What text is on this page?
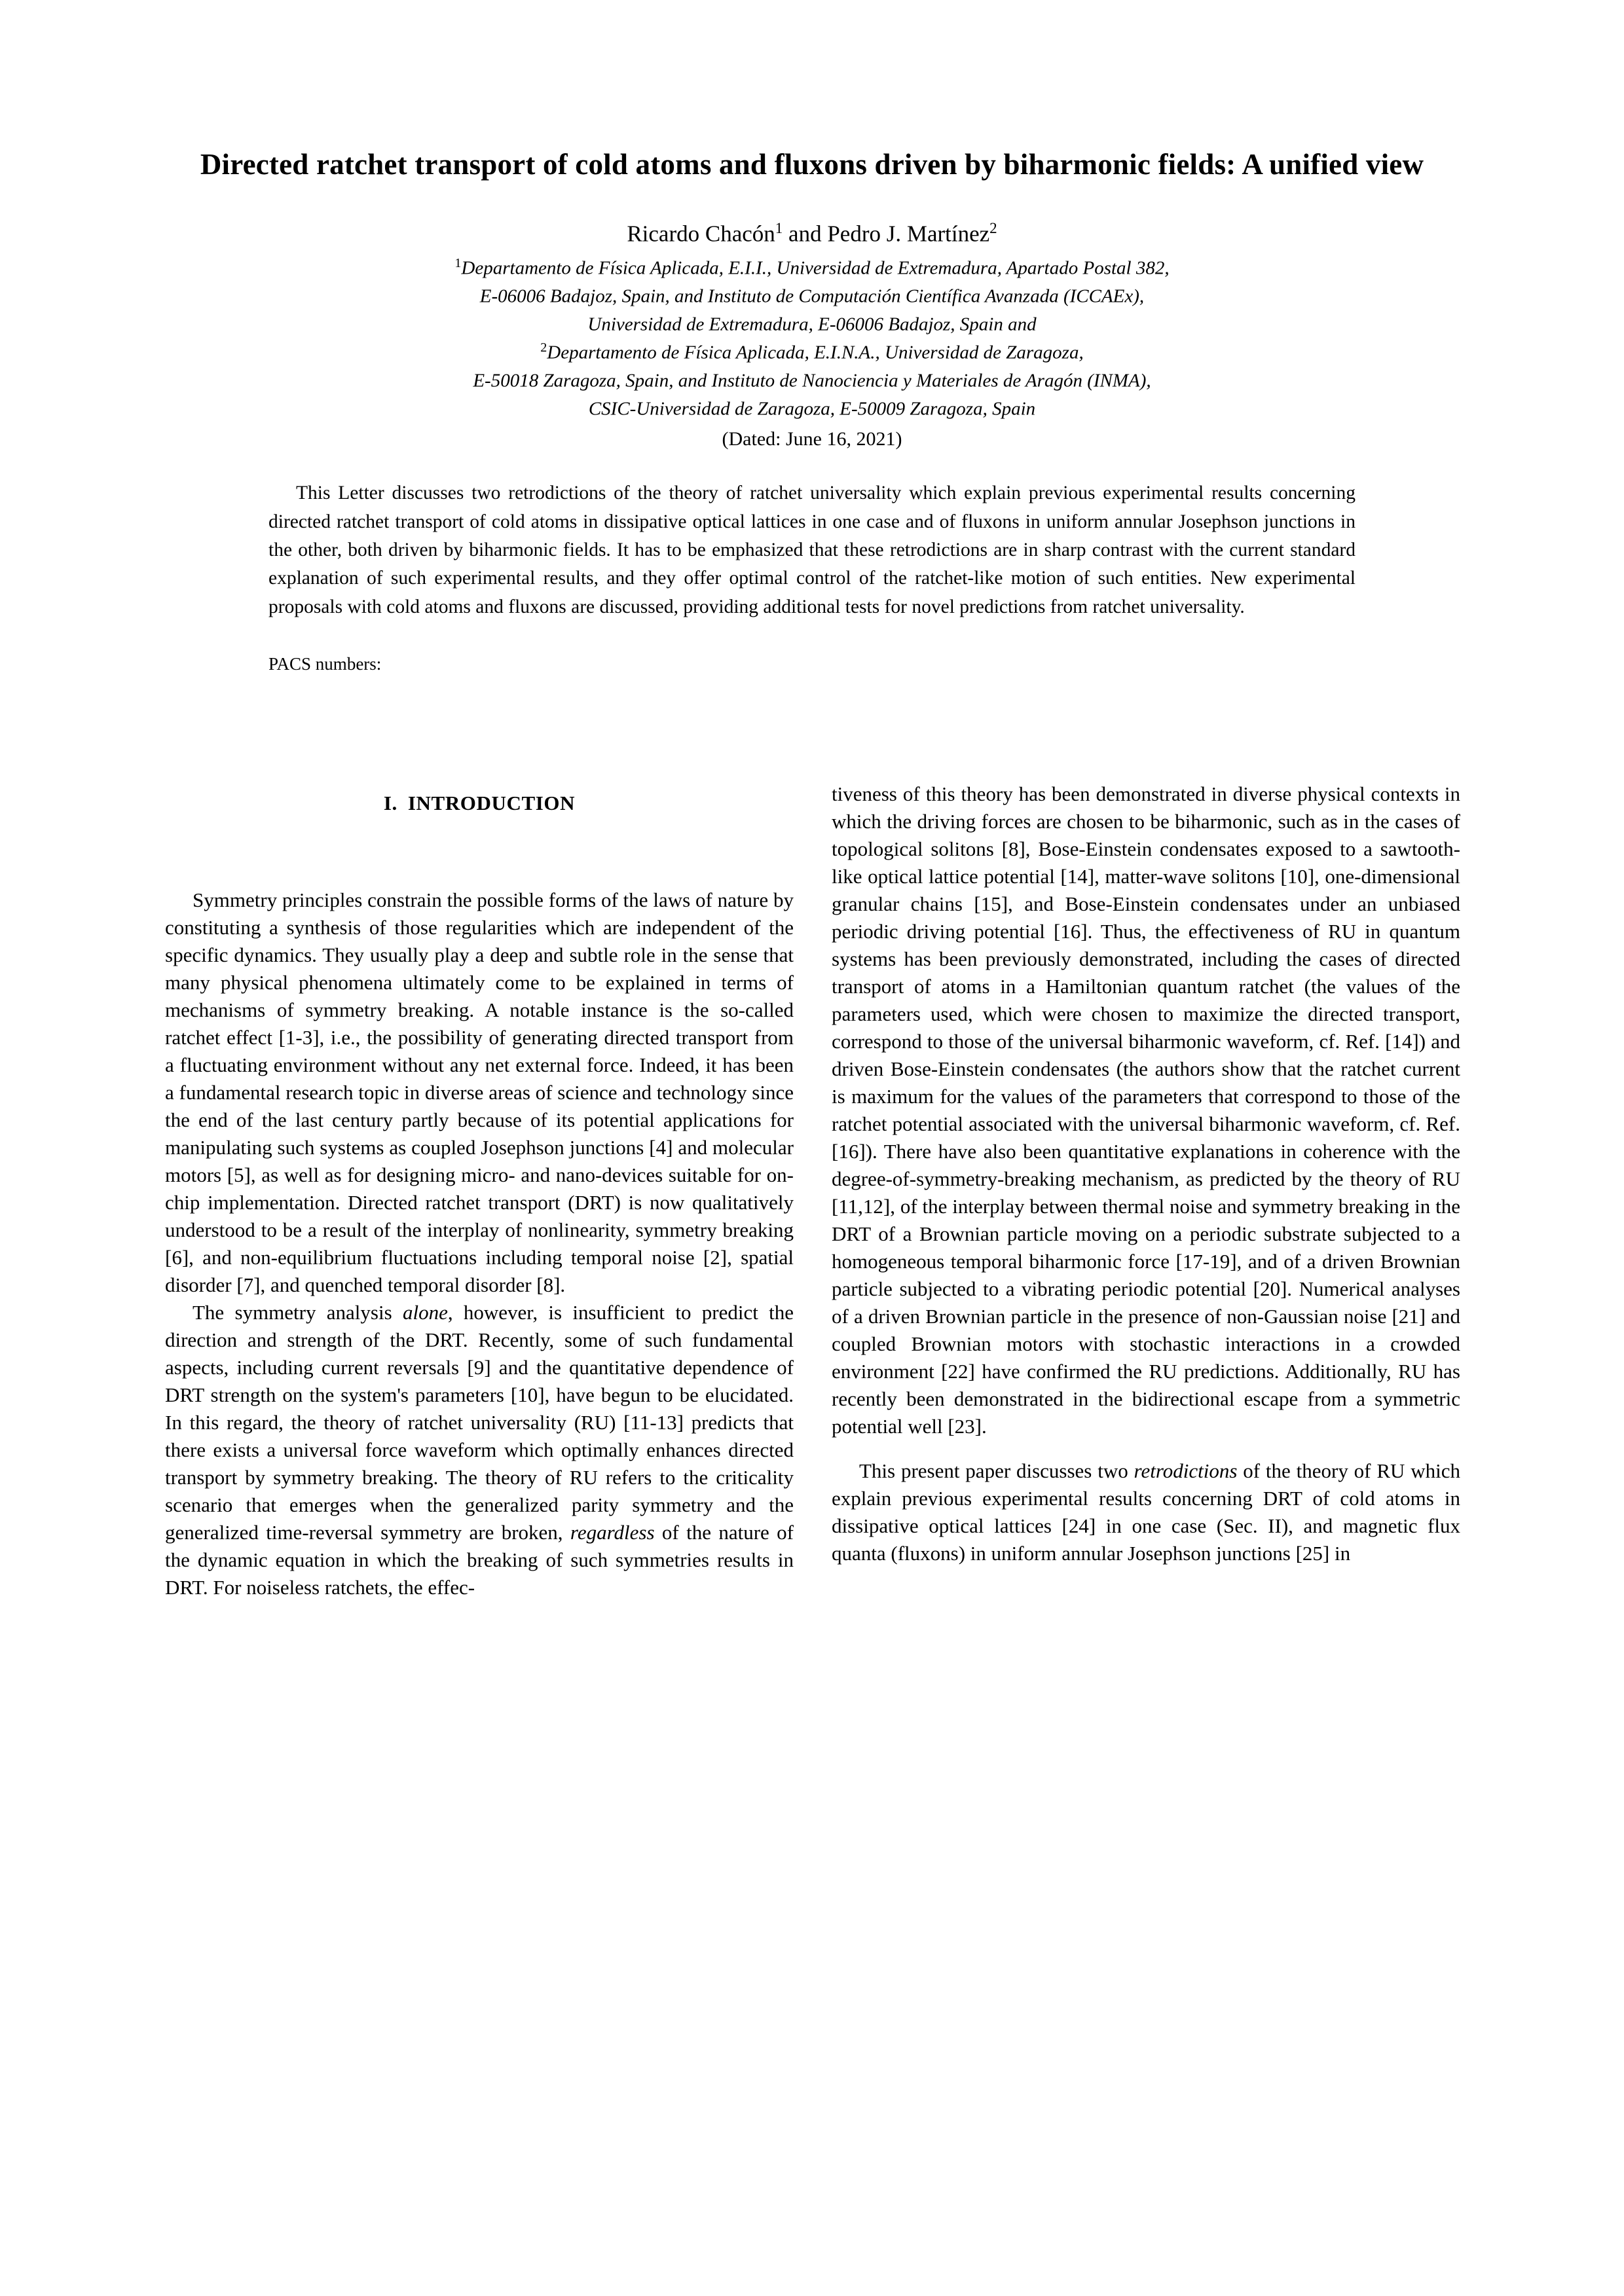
Directed ratchet transport of cold atoms and fluxons driven by biharmonic fields: A unified view
Ricardo Chacón$^1$ and Pedro J. Martínez$^2$
$^1$Departamento de Física Aplicada, E.I.I., Universidad de Extremadura, Apartado Postal 382,
E-06006 Badajoz, Spain, and Instituto de Computación Científica Avanzada (ICCAEx),
Universidad de Extremadura, E-06006 Badajoz, Spain and
$^2$Departamento de Física Aplicada, E.I.N.A., Universidad de Zaragoza,
E-50018 Zaragoza, Spain, and Instituto de Nanociencia y Materiales de Aragón (INMA),
CSIC-Universidad de Zaragoza, E-50009 Zaragoza, Spain
(Dated: June 16, 2021)
This Letter discusses two retrodictions of the theory of ratchet universality which explain previous experimental results concerning directed ratchet transport of cold atoms in dissipative optical lattices in one case and of fluxons in uniform annular Josephson junctions in the other, both driven by biharmonic fields. It has to be emphasized that these retrodictions are in sharp contrast with the current standard explanation of such experimental results, and they offer optimal control of the ratchet-like motion of such entities. New experimental proposals with cold atoms and fluxons are discussed, providing additional tests for novel predictions from ratchet universality.
PACS numbers:
I. INTRODUCTION

Symmetry principles constrain the possible forms of the laws of nature by constituting a synthesis of those regularities which are independent of the specific dynamics. They usually play a deep and subtle role in the sense that many physical phenomena ultimately come to be explained in terms of mechanisms of symmetry breaking. A notable instance is the so-called ratchet effect [1-3], i.e., the possibility of generating directed transport from a fluctuating environment without any net external force. Indeed, it has been a fundamental research topic in diverse areas of science and technology since the end of the last century partly because of its potential applications for manipulating such systems as coupled Josephson junctions [4] and molecular motors [5], as well as for designing micro- and nano-devices suitable for on-chip implementation. Directed ratchet transport (DRT) is now qualitatively understood to be a result of the interplay of nonlinearity, symmetry breaking [6], and non-equilibrium fluctuations including temporal noise [2], spatial disorder [7], and quenched temporal disorder [8].

The symmetry analysis alone, however, is insufficient to predict the direction and strength of the DRT. Recently, some of such fundamental aspects, including current reversals [9] and the quantitative dependence of DRT strength on the system's parameters [10], have begun to be elucidated. In this regard, the theory of ratchet universality (RU) [11-13] predicts that there exists a universal force waveform which optimally enhances directed transport by symmetry breaking. The theory of RU refers to the criticality scenario that emerges when the generalized parity symmetry and the generalized time-reversal symmetry are broken, regardless of the nature of the dynamic equation in which the breaking of such symmetries results in DRT. For noiseless ratchets, the effec-

tiveness of this theory has been demonstrated in diverse physical contexts in which the driving forces are chosen to be biharmonic, such as in the cases of topological solitons [8], Bose-Einstein condensates exposed to a sawtooth-like optical lattice potential [14], matter-wave solitons [10], one-dimensional granular chains [15], and Bose-Einstein condensates under an unbiased periodic driving potential [16]. Thus, the effectiveness of RU in quantum systems has been previously demonstrated, including the cases of directed transport of atoms in a Hamiltonian quantum ratchet (the values of the parameters used, which were chosen to maximize the directed transport, correspond to those of the universal biharmonic waveform, cf. Ref. [14]) and driven Bose-Einstein condensates (the authors show that the ratchet current is maximum for the values of the parameters that correspond to those of the ratchet potential associated with the universal biharmonic waveform, cf. Ref. [16]). There have also been quantitative explanations in coherence with the degree-of-symmetry-breaking mechanism, as predicted by the theory of RU [11,12], of the interplay between thermal noise and symmetry breaking in the DRT of a Brownian particle moving on a periodic substrate subjected to a homogeneous temporal biharmonic force [17-19], and of a driven Brownian particle subjected to a vibrating periodic potential [20]. Numerical analyses of a driven Brownian particle in the presence of non-Gaussian noise [21] and coupled Brownian motors with stochastic interactions in a crowded environment [22] have confirmed the RU predictions. Additionally, RU has recently been demonstrated in the bidirectional escape from a symmetric potential well [23].

This present paper discusses two retrodictions of the theory of RU which explain previous experimental results concerning DRT of cold atoms in dissipative optical lattices [24] in one case (Sec. II), and magnetic flux quanta (fluxons) in uniform annular Josephson junctions [25] in
